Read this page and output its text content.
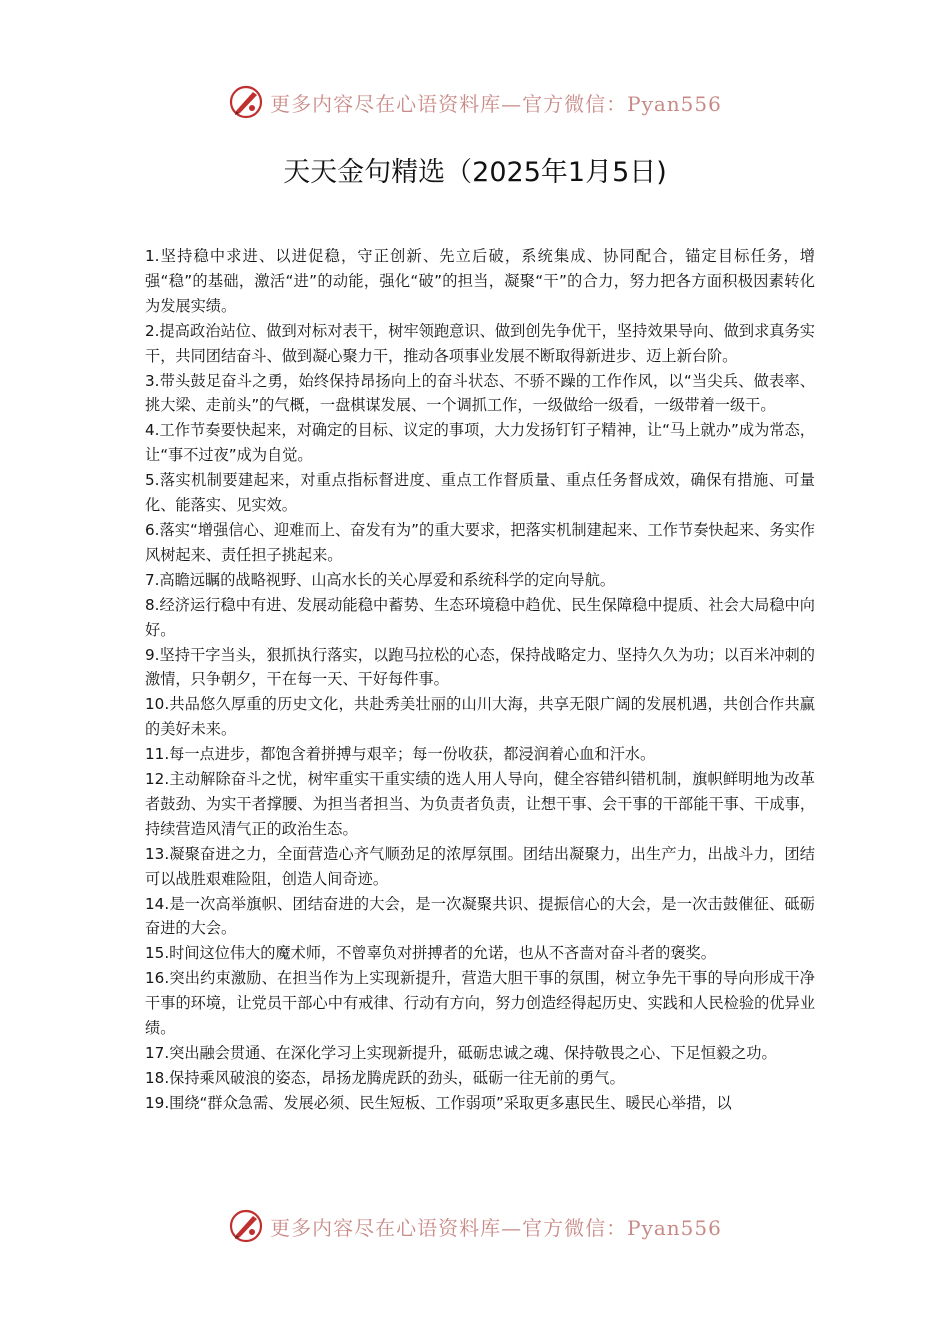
更多内容尽在心语资料库—官方微信：Pyan556
天天金句精选（2025年1月5日)

1.坚持稳中求进、以进促稳，守正创新、先立后破，系统集成、协同配合，锚定目标任务，增强“稳”的基础，激活“进”的动能，强化“破”的担当，凝聚“干”的合力，努力把各方面积极因素转化为发展实绩。

2.提高政治站位、做到对标对表干，树牢领跑意识、做到创先争优干，坚持效果导向、做到求真务实干，共同团结奋斗、做到凝心聚力干，推动各项事业发展不断取得新进步、迈上新台阶。

3.带头鼓足奋斗之勇，始终保持昂扬向上的奋斗状态、不骄不躁的工作作风，以“当尖兵、做表率、挑大梁、走前头”的气概，一盘棋谋发展、一个调抓工作，一级做给一级看，一级带着一级干。

4.工作节奏要快起来，对确定的目标、议定的事项，大力发扬钉钉子精神，让“马上就办”成为常态，让“事不过夜”成为自觉。

5.落实机制要建起来，对重点指标督进度、重点工作督质量、重点任务督成效，确保有措施、可量化、能落实、见实效。

6.落实“增强信心、迎难而上、奋发有为”的重大要求，把落实机制建起来、工作节奏快起来、务实作风树起来、责任担子挑起来。

7.高瞻远瞩的战略视野、山高水长的关心厚爱和系统科学的定向导航。

8.经济运行稳中有进、发展动能稳中蓄势、生态环境稳中趋优、民生保障稳中提质、社会大局稳中向好。

9.坚持干字当头，狠抓执行落实，以跑马拉松的心态，保持战略定力、坚持久久为功；以百米冲刺的激情，只争朝夕，干在每一天、干好每件事。

10.共品悠久厚重的历史文化，共赴秀美壮丽的山川大海，共享无限广阔的发展机遇，共创合作共赢的美好未来。

11.每一点进步，都饱含着拼搏与艰辛；每一份收获，都浸润着心血和汗水。

12.主动解除奋斗之忧，树牢重实干重实绩的选人用人导向，健全容错纠错机制，旗帜鲜明地为改革者鼓劲、为实干者撑腰、为担当者担当、为负责者负责，让想干事、会干事的干部能干事、干成事，持续营造风清气正的政治生态。

13.凝聚奋进之力，全面营造心齐气顺劲足的浓厚氛围。团结出凝聚力，出生产力，出战斗力，团结可以战胜艰难险阻，创造人间奇迹。

14.是一次高举旗帜、团结奋进的大会，是一次凝聚共识、提振信心的大会，是一次击鼓催征、砥砺奋进的大会。

15.时间这位伟大的魔术师，不曾辜负对拼搏者的允诺，也从不吝啬对奋斗者的褒奖。

16.突出约束激励、在担当作为上实现新提升，营造大胆干事的氛围，树立争先干事的导向形成干净干事的环境，让党员干部心中有戒律、行动有方向，努力创造经得起历史、实践和人民检验的优异业绩。

17.突出融会贯通、在深化学习上实现新提升，砥砺忠诚之魂、保持敬畏之心、下足恒毅之功。

18.保持乘风破浪的姿态，昂扬龙腾虎跃的劲头，砥砺一往无前的勇气。

19.围绕“群众急需、发展必须、民生短板、工作弱项”采取更多惠民生、暖民心举措，以

更多内容尽在心语资料库—官方微信：Pyan556
